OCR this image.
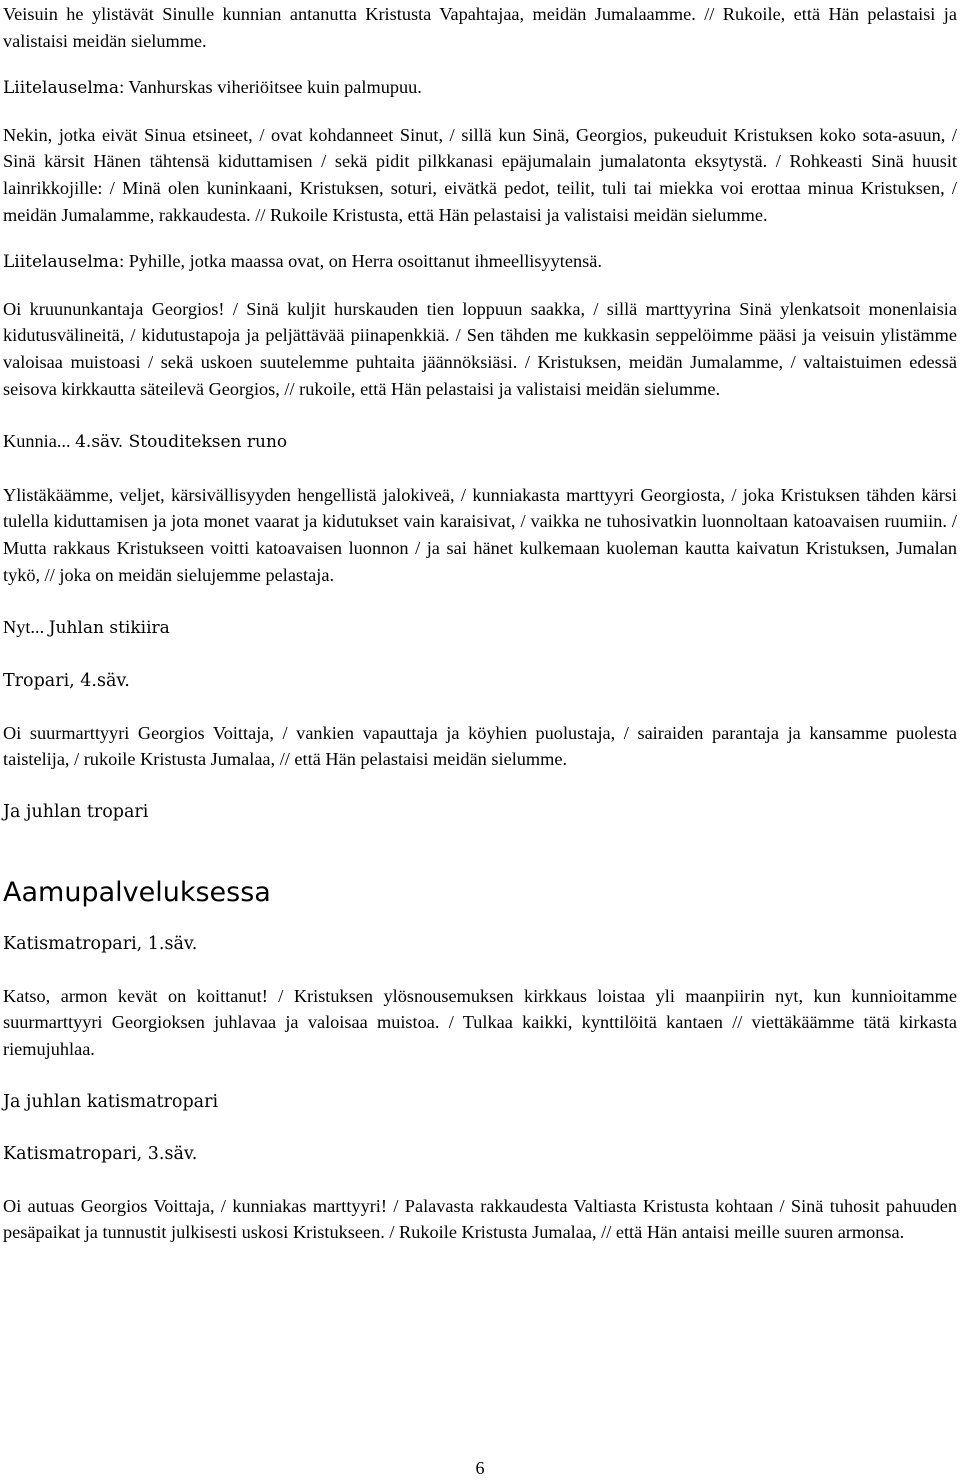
Veisuin he ylistävät Sinulle kunnian antanutta Kristusta Vapahtajaa, meidän Jumalaamme. // Rukoile, että Hän pelastaisi ja valistaisi meidän sielumme.

Liitelauselma: Vanhurskas viheriöitsee kuin palmupuu.

Nekin, jotka eivät Sinua etsineet, / ovat kohdanneet Sinut, / sillä kun Sinä, Georgios, pukeuduit Kristuksen koko sota-asuun, / Sinä kärsit Hänen tähtensä kiduttamisen / sekä pidit pilkkanasi epäjumalain jumalatonta eksytystä. / Rohkeasti Sinä huusit lainrikkojille: / Minä olen kuninkaani, Kristuksen, soturi, eivätkä pedot, teilit, tuli tai miekka voi erottaa minua Kristuksen, / meidän Jumalamme, rakkaudesta. // Rukoile Kristusta, että Hän pelastaisi ja valistaisi meidän sielumme.

Liitelauselma: Pyhille, jotka maassa ovat, on Herra osoittanut ihmeellisyytensä.

Oi kruununkantaja Georgios! / Sinä kuljit hurskauden tien loppuun saakka, / sillä marttyyrina Sinä ylenkatsoit monenlaisia kidutusvälineitä, / kidutustapoja ja peljättävää piinapenkkiä. / Sen tähden me kukkasin seppelöimme pääsi ja veisuin ylistämme valoisaa muistoasi / sekä uskoen suutelemme puhtaita jäännöksiäsi. / Kristuksen, meidän Jumalamme, / valtaistuimen edessä seisova kirkkautta säteilevä Georgios, // rukoile, että Hän pelastaisi ja valistaisi meidän sielumme.

Kunnia... 4.säv. Stouditeksen runo

Ylistäkäämme, veljet, kärsivällisyyden hengellistä jalokiveä, / kunniakasta marttyyri Georgiosta, / joka Kristuksen tähden kärsi tulella kiduttamisen ja jota monet vaarat ja kidutukset vain karaisivat, / vaikka ne tuhosivatkin luonnoltaan katoavaisen ruumiin. / Mutta rakkaus Kristukseen voitti katoavaisen luonnon / ja sai hänet kulkemaan kuoleman kautta kaivatun Kristuksen, Jumalan tykö, // joka on meidän sielujemme pelastaja.

Nyt... Juhlan stikiira

Tropari, 4.säv.

Oi suurmarttyyri Georgios Voittaja, / vankien vapauttaja ja köyhien puolustaja, / sairaiden parantaja ja kansamme puolesta taistelija, / rukoile Kristusta Jumalaa, // että Hän pelastaisi meidän sielumme.

Ja juhlan tropari

Aamupalveluksessa

Katismatropari, 1.säv.

Katso, armon kevät on koittanut! / Kristuksen ylösnousemuksen kirkkaus loistaa yli maanpiirin nyt, kun kunnioitamme suurmarttyyri Georgioksen juhlavaa ja valoisaa muistoa. / Tulkaa kaikki, kynttilöitä kantaen // viettäkäämme tätä kirkasta riemujuhlaa.

Ja juhlan katismatropari

Katismatropari, 3.säv.

Oi autuas Georgios Voittaja, / kunniakas marttyyri! / Palavasta rakkaudesta Valtiasta Kristusta kohtaan / Sinä tuhosit pahuuden pesäpaikat ja tunnustit julkisesti uskosi Kristukseen. / Rukoile Kristusta Jumalaa, // että Hän antaisi meille suuren armonsa.

6
